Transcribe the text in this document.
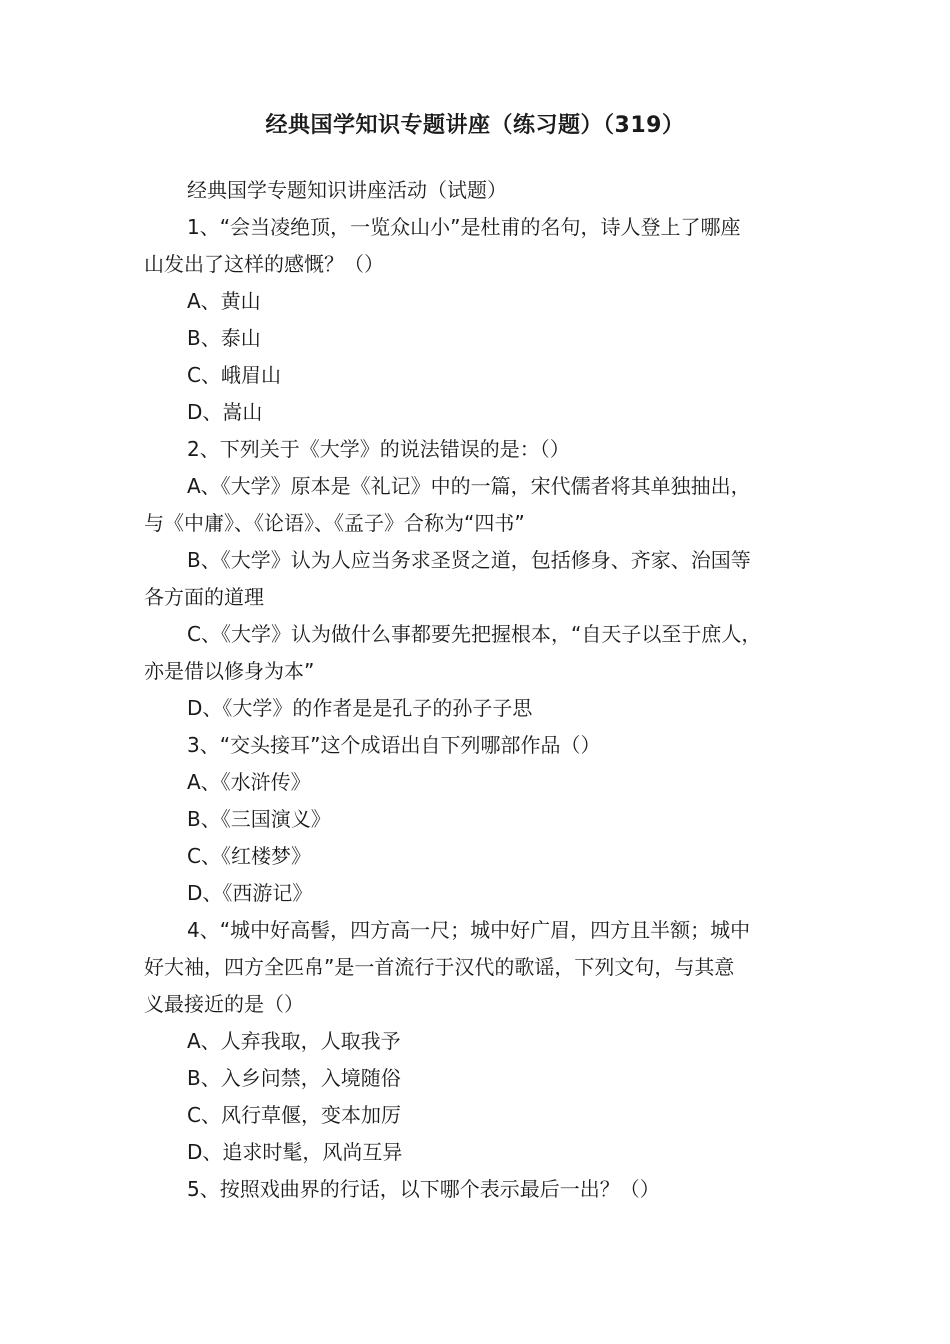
经典国学知识专题讲座（练习题）（319）

经典国学专题知识讲座活动（试题）

1、“会当凌绝顶，一览众山小”是杜甫的名句，诗人登上了哪座

山发出了这样的感慨？（）

A、黄山

B、泰山

C、峨眉山

D、嵩山

2、下列关于《大学》的说法错误的是：（）

A、《大学》原本是《礼记》中的一篇，宋代儒者将其单独抽出，

与《中庸》、《论语》、《孟子》合称为“四书”

B、《大学》认为人应当务求圣贤之道，包括修身、齐家、治国等

各方面的道理

C、《大学》认为做什么事都要先把握根本，“自天子以至于庶人，

亦是借以修身为本”

D、《大学》的作者是是孔子的孙子子思

3、“交头接耳”这个成语出自下列哪部作品（）

A、《水浒传》

B、《三国演义》

C、《红楼梦》

D、《西游记》

4、“城中好高髻，四方高一尺；城中好广眉，四方且半额；城中

好大袖，四方全匹帛”是一首流行于汉代的歌谣，下列文句，与其意

义最接近的是（）

A、人弃我取，人取我予

B、入乡问禁，入境随俗

C、风行草偃，变本加厉

D、追求时髦，风尚互异

5、按照戏曲界的行话，以下哪个表示最后一出？（）
